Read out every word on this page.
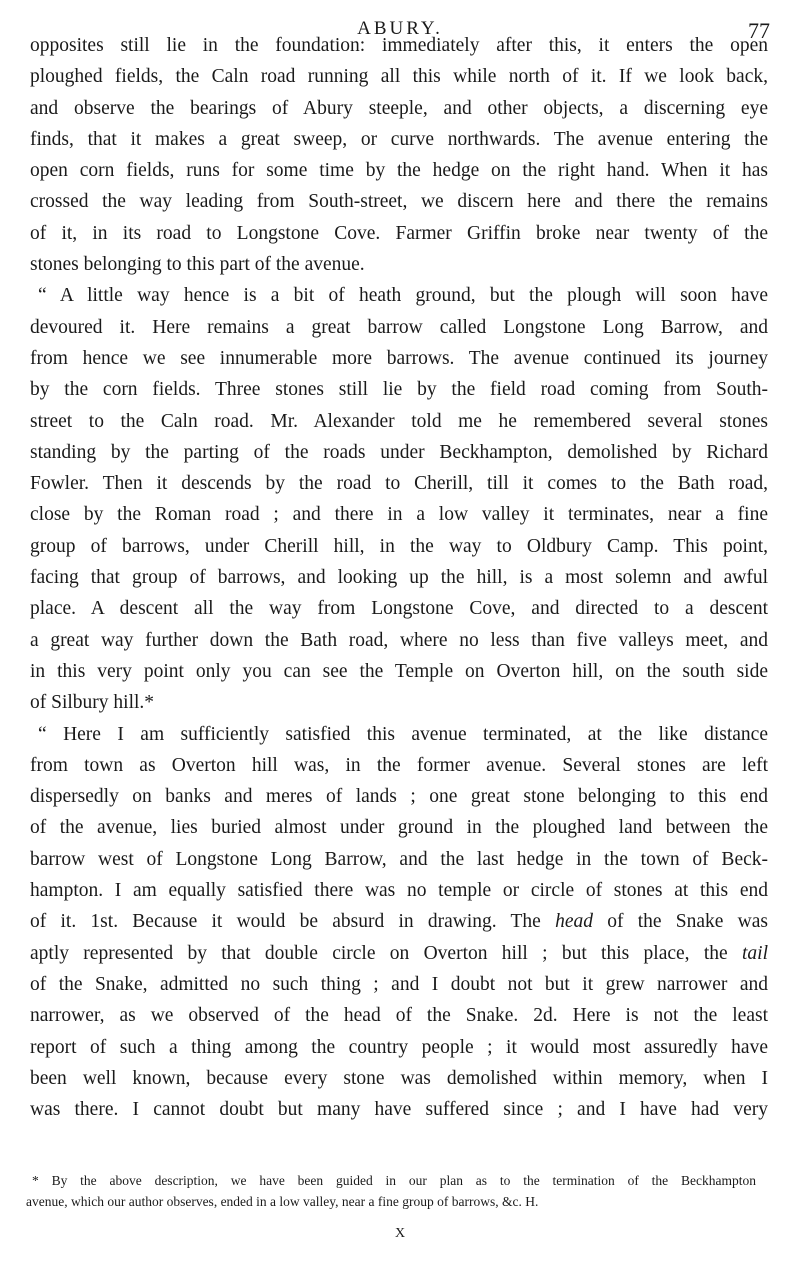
ABURY.	77
opposites still lie in the foundation: immediately after this, it enters the open
ploughed fields, the Caln road running all this while north of it. If we look back,
and observe the bearings of Abury steeple, and other objects, a discerning eye
finds, that it makes a great sweep, or curve northwards. The avenue entering the
open corn fields, runs for some time by the hedge on the right hand. When it has
crossed the way leading from South-street, we discern here and there the remains
of it, in its road to Longstone Cove. Farmer Griffin broke near twenty of the
stones belonging to this part of the avenue.
“ A little way hence is a bit of heath ground, but the plough will soon have
devoured it. Here remains a great barrow called Longstone Long Barrow, and
from hence we see innumerable more barrows. The avenue continued its journey
by the corn fields. Three stones still lie by the field road coming from South-
street to the Caln road. Mr. Alexander told me he remembered several stones
standing by the parting of the roads under Beckhampton, demolished by Richard
Fowler. Then it descends by the road to Cherill, till it comes to the Bath road,
close by the Roman road ; and there in a low valley it terminates, near a fine
group of barrows, under Cherill hill, in the way to Oldbury Camp. This point,
facing that group of barrows, and looking up the hill, is a most solemn and awful
place. A descent all the way from Longstone Cove, and directed to a descent
a great way further down the Bath road, where no less than five valleys meet, and
in this very point only you can see the Temple on Overton hill, on the south side
of Silbury hill.*
“ Here I am sufficiently satisfied this avenue terminated, at the like distance
from town as Overton hill was, in the former avenue. Several stones are left
dispersedly on banks and meres of lands ; one great stone belonging to this end
of the avenue, lies buried almost under ground in the ploughed land between the
barrow west of Longstone Long Barrow, and the last hedge in the town of Beck-
hampton. I am equally satisfied there was no temple or circle of stones at this end
of it. 1st. Because it would be absurd in drawing. The head of the Snake was
aptly represented by that double circle on Overton hill ; but this place, the tail
of the Snake, admitted no such thing ; and I doubt not but it grew narrower and
narrower, as we observed of the head of the Snake. 2d. Here is not the least
report of such a thing among the country people ; it would most assuredly have
been well known, because every stone was demolished within memory, when I
was there. I cannot doubt but many have suffered since ; and I have had very
* By the above description, we have been guided in our plan as to the termination of the Beckhampton
avenue, which our author observes, ended in a low valley, near a fine group of barrows, &c. H.
X
